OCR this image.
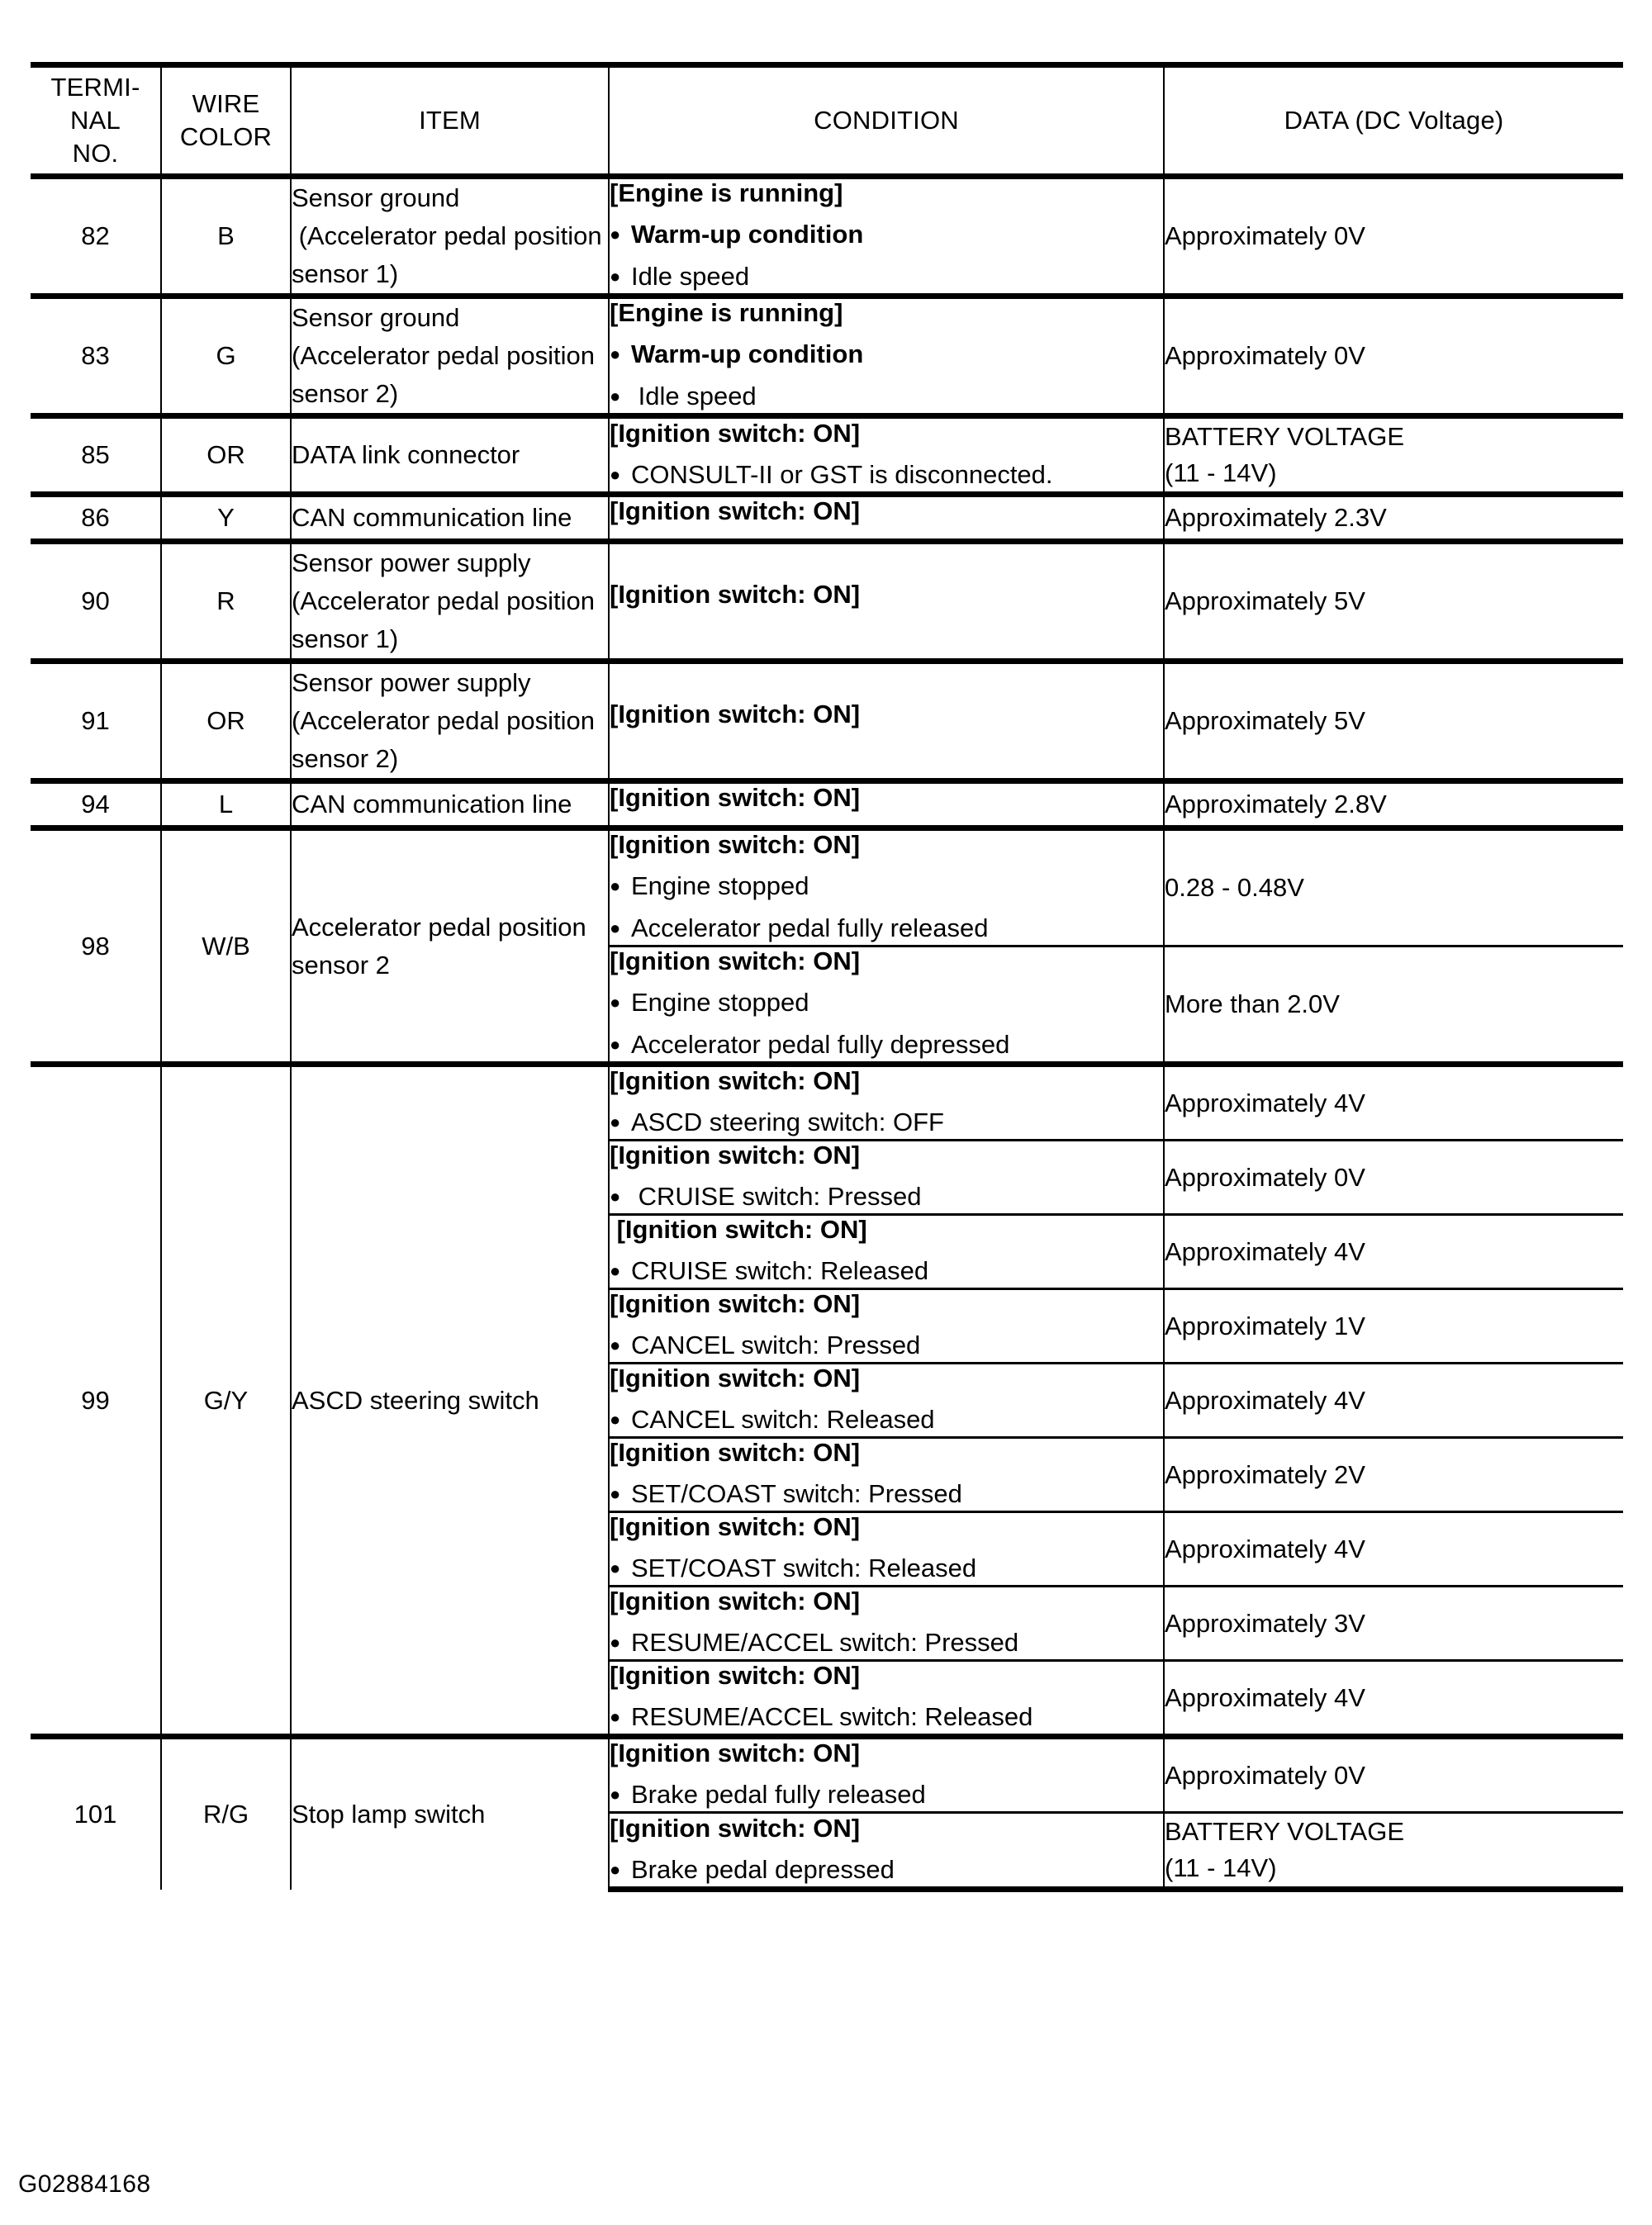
TERMI-
NAL
NO.	WIRE
COLOR	ITEM	CONDITION	DATA (DC Voltage)
82	B	Sensor ground
(Accelerator pedal position
sensor 1)	[Engine is running]
● Warm-up condition
● Idle speed	Approximately 0V

83	G	Sensor ground
(Accelerator pedal position
sensor 2)	[Engine is running]
● Warm-up condition
●  Idle speed	Approximately 0V

85	OR	DATA link connector	[Ignition switch: ON]
● CONSULT-II or GST is disconnected.	BATTERY VOLTAGE
(11 - 14V)

86	Y	CAN communication line	[Ignition switch: ON]	Approximately 2.3V

90	R	Sensor power supply
(Accelerator pedal position
sensor 1)	[Ignition switch: ON]	Approximately 5V

91	OR	Sensor power supply
(Accelerator pedal position
sensor 2)	[Ignition switch: ON]	Approximately 5V

94	L	CAN communication line	[Ignition switch: ON]	Approximately 2.8V

98	W/B	Accelerator pedal position
sensor 2	[Ignition switch: ON]
● Engine stopped
● Accelerator pedal fully released	0.28 - 0.48V

			[Ignition switch: ON]
● Engine stopped
● Accelerator pedal fully depressed	More than 2.0V

99	G/Y	ASCD steering switch	[Ignition switch: ON]
● ASCD steering switch: OFF	Approximately 4V

			[Ignition switch: ON]
●  CRUISE switch: Pressed	Approximately 0V

			[Ignition switch: ON]
● CRUISE switch: Released	Approximately 4V

			[Ignition switch: ON]
● CANCEL switch: Pressed	Approximately 1V

			[Ignition switch: ON]
● CANCEL switch: Released	Approximately 4V

			[Ignition switch: ON]
● SET/COAST switch: Pressed	Approximately 2V

			[Ignition switch: ON]
● SET/COAST switch: Released	Approximately 4V

			[Ignition switch: ON]
● RESUME/ACCEL switch: Pressed	Approximately 3V

			[Ignition switch: ON]
● RESUME/ACCEL switch: Released	Approximately 4V

101	R/G	Stop lamp switch	[Ignition switch: ON]
● Brake pedal fully released	Approximately 0V

			[Ignition switch: ON]
● Brake pedal depressed	BATTERY VOLTAGE
(11 - 14V)
G02884168
